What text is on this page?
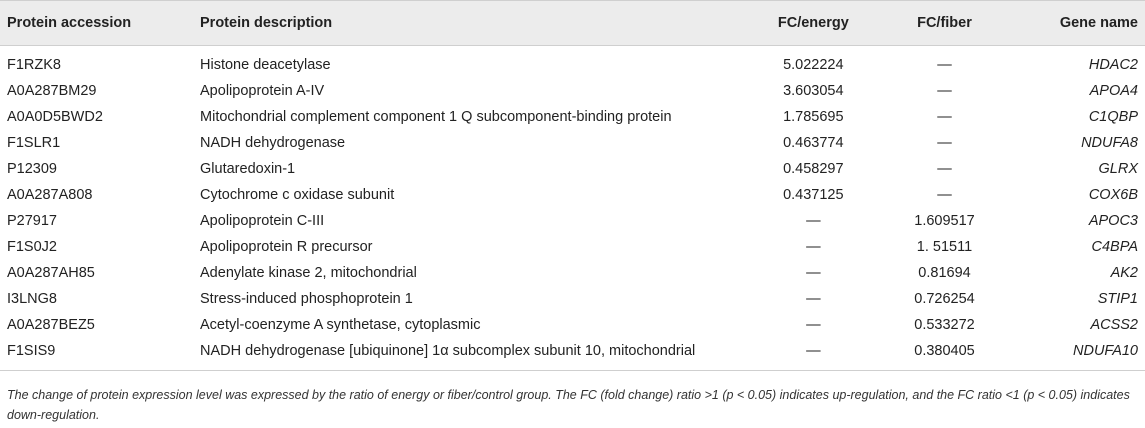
Protein accession	Protein description	FC/energy	FC/fiber	Gene name
F1RZK8	Histone deacetylase	5.022224	—	HDAC2
A0A287BM29	Apolipoprotein A-IV	3.603054	—	APOA4
A0A0D5BWD2	Mitochondrial complement component 1 Q subcomponent-binding protein	1.785695	—	C1QBP
F1SLR1	NADH dehydrogenase	0.463774	—	NDUFA8
P12309	Glutaredoxin-1	0.458297	—	GLRX
A0A287A808	Cytochrome c oxidase subunit	0.437125	—	COX6B
P27917	Apolipoprotein C-III	—	1.609517	APOC3
F1S0J2	Apolipoprotein R precursor	—	1. 51511	C4BPA
A0A287AH85	Adenylate kinase 2, mitochondrial	—	0.81694	AK2
I3LNG8	Stress-induced phosphoprotein 1	—	0.726254	STIP1
A0A287BEZ5	Acetyl-coenzyme A synthetase, cytoplasmic	—	0.533272	ACSS2
F1SIS9	NADH dehydrogenase [ubiquinone] 1α subcomplex subunit 10, mitochondrial	—	0.380405	NDUFA10
The change of protein expression level was expressed by the ratio of energy or fiber/control group. The FC (fold change) ratio >1 (p < 0.05) indicates up-regulation, and the FC ratio <1 (p < 0.05) indicates down-regulation.
